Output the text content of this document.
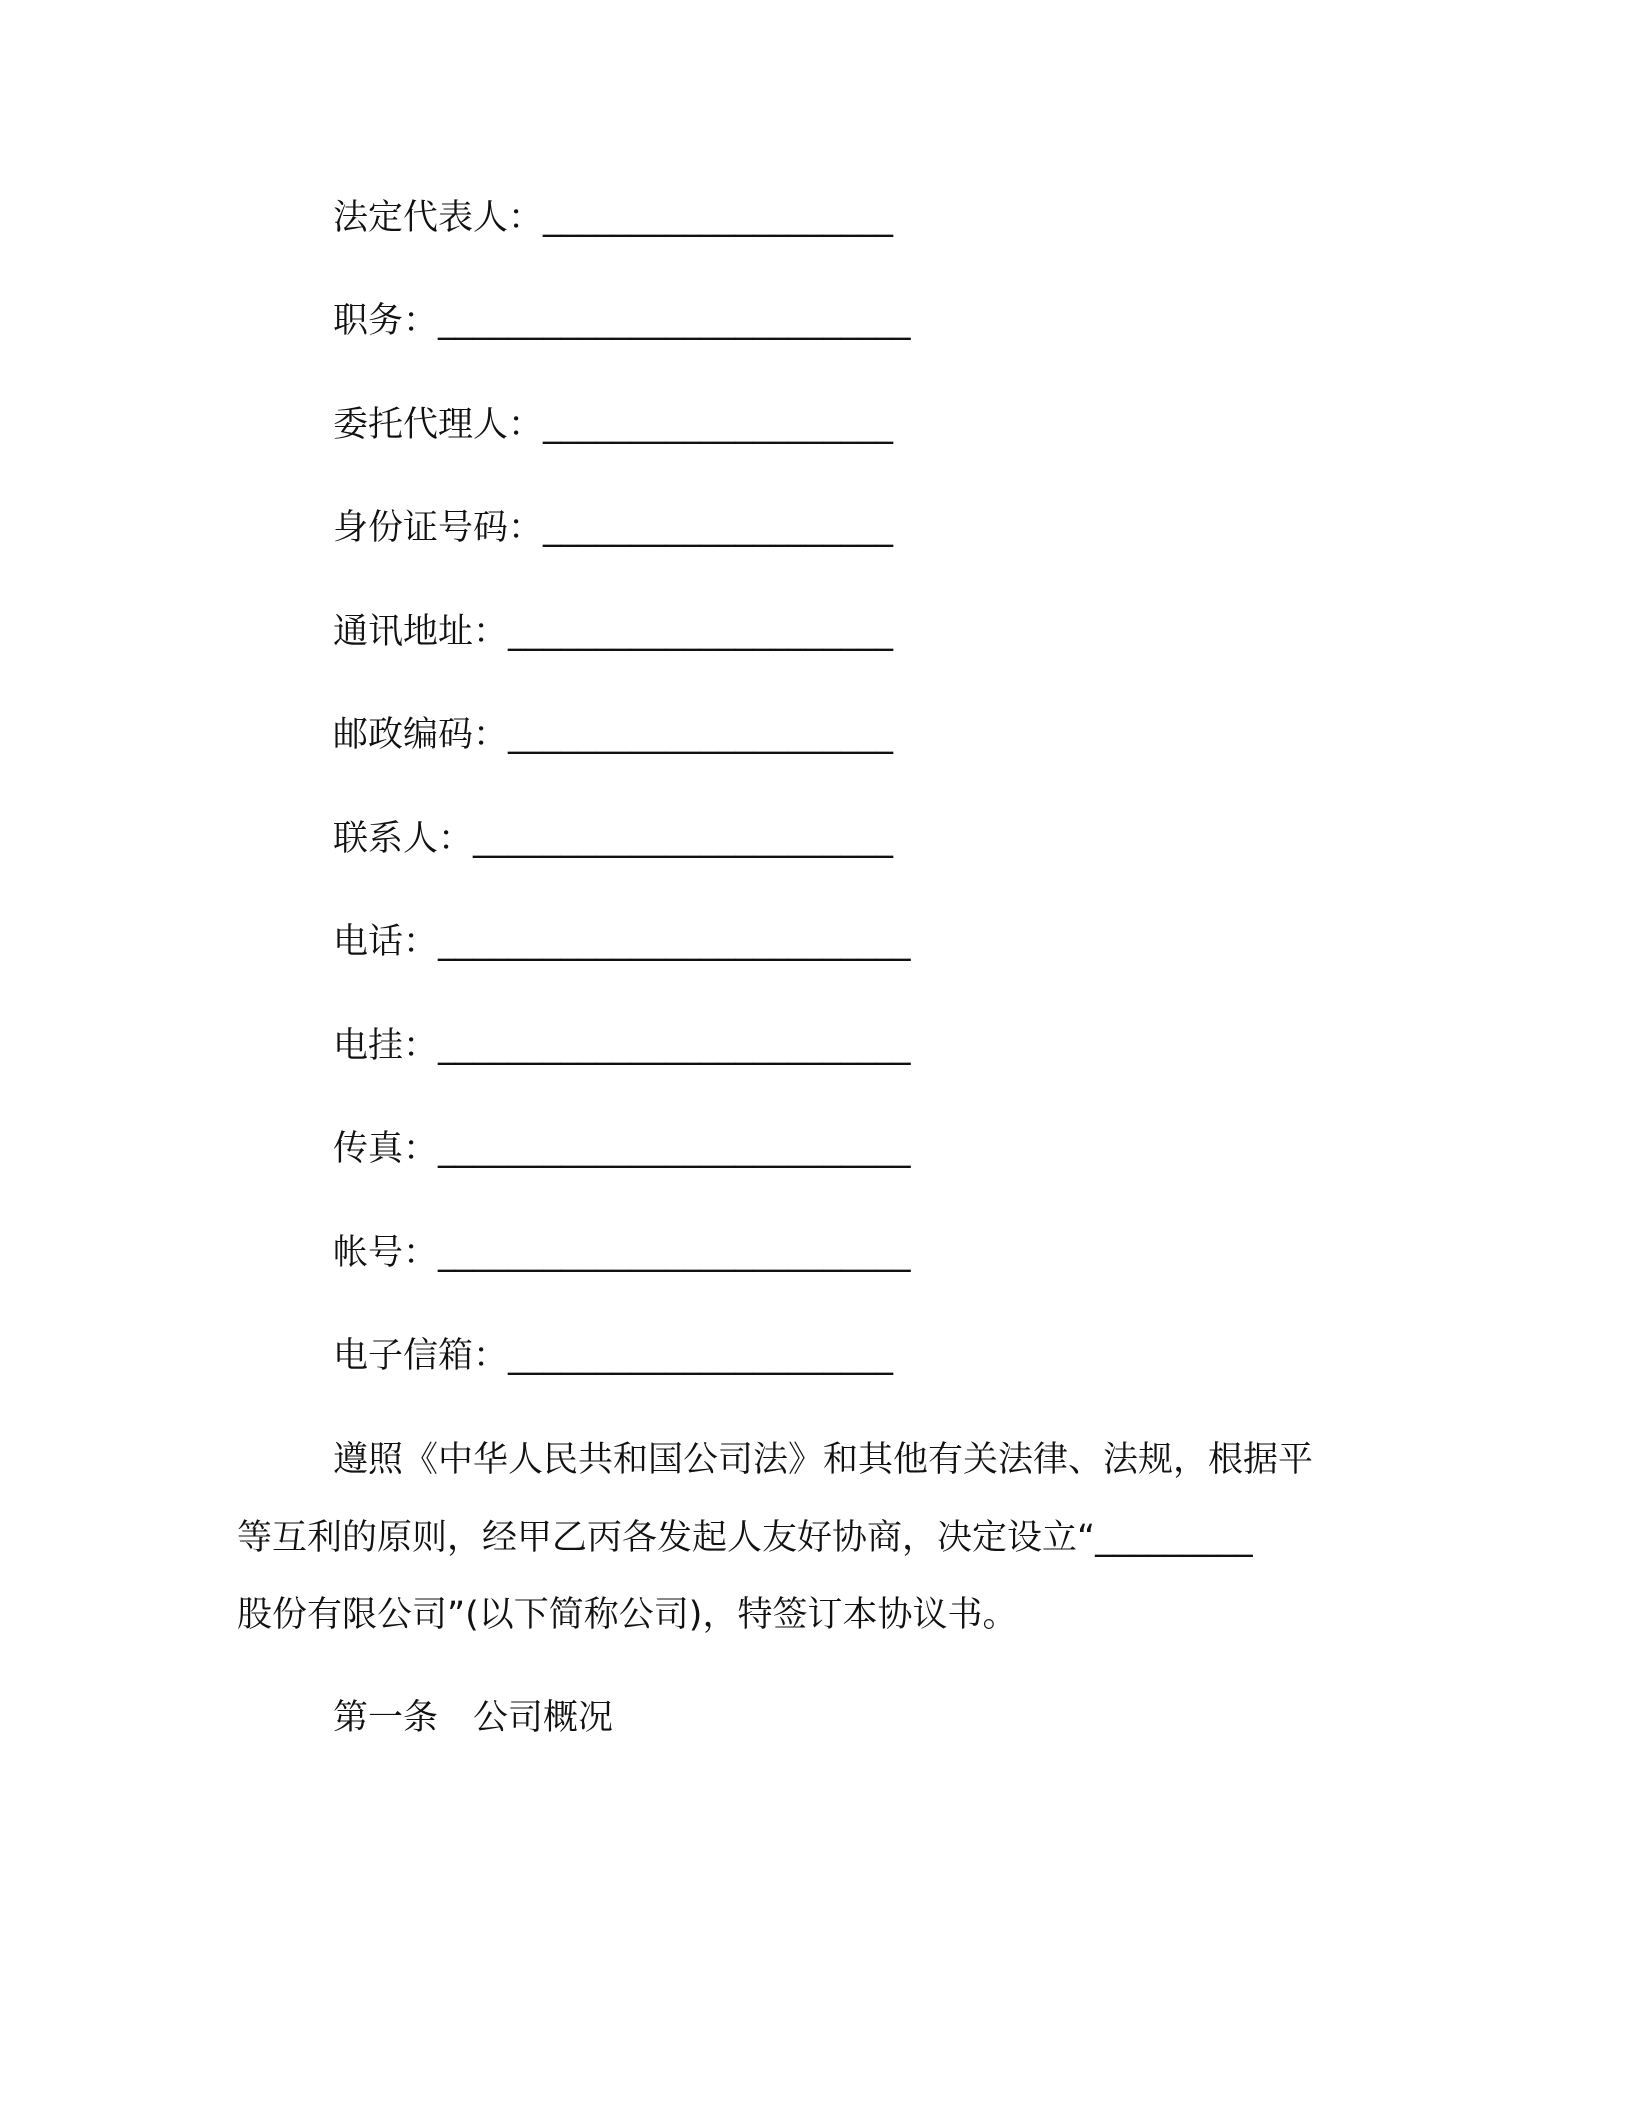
法定代表人：____________________
职务：___________________________
委托代理人：____________________
身份证号码：____________________
通讯地址：______________________
邮政编码：______________________
联系人：________________________
电话：___________________________
电挂：___________________________
传真：___________________________
帐号：___________________________
电子信箱：______________________
遵照《中华人民共和国公司法》和其他有关法律、法规，根据平
等互利的原则，经甲乙丙各发起人友好协商，决定设立“_________
股份有限公司”(以下简称公司)，特签订本协议书。
第一条　公司概况
